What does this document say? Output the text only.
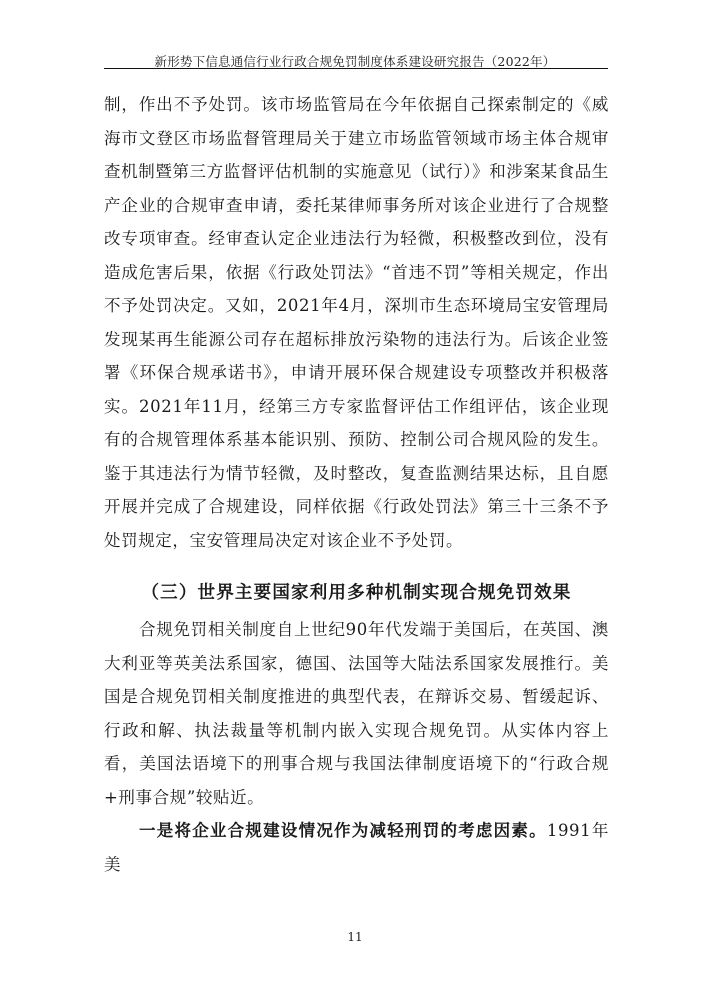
新形势下信息通信行业行政合规免罚制度体系建设研究报告（2022年）

制，作出不予处罚。该市场监管局在今年依据自己探索制定的《威海市文登区市场监督管理局关于建立市场监管领域市场主体合规审查机制暨第三方监督评估机制的实施意见（试行）》和涉案某食品生产企业的合规审查申请，委托某律师事务所对该企业进行了合规整改专项审查。经审查认定企业违法行为轻微，积极整改到位，没有造成危害后果，依据《行政处罚法》“首违不罚”等相关规定，作出不予处罚决定。又如，2021年4月，深圳市生态环境局宝安管理局发现某再生能源公司存在超标排放污染物的违法行为。后该企业签署《环保合规承诺书》，申请开展环保合规建设专项整改并积极落实。2021年11月，经第三方专家监督评估工作组评估，该企业现有的合规管理体系基本能识别、预防、控制公司合规风险的发生。鉴于其违法行为情节轻微，及时整改，复查监测结果达标，且自愿开展并完成了合规建设，同样依据《行政处罚法》第三十三条不予处罚规定，宝安管理局决定对该企业不予处罚。

（三）世界主要国家利用多种机制实现合规免罚效果

合规免罚相关制度自上世纪90年代发端于美国后，在英国、澳大利亚等英美法系国家，德国、法国等大陆法系国家发展推行。美国是合规免罚相关制度推进的典型代表，在辩诉交易、暂缓起诉、行政和解、执法裁量等机制内嵌入实现合规免罚。从实体内容上看，美国法语境下的刑事合规与我国法律制度语境下的“行政合规+刑事合规”较贴近。

一是将企业合规建设情况作为减轻刑罚的考虑因素。1991年美

11
